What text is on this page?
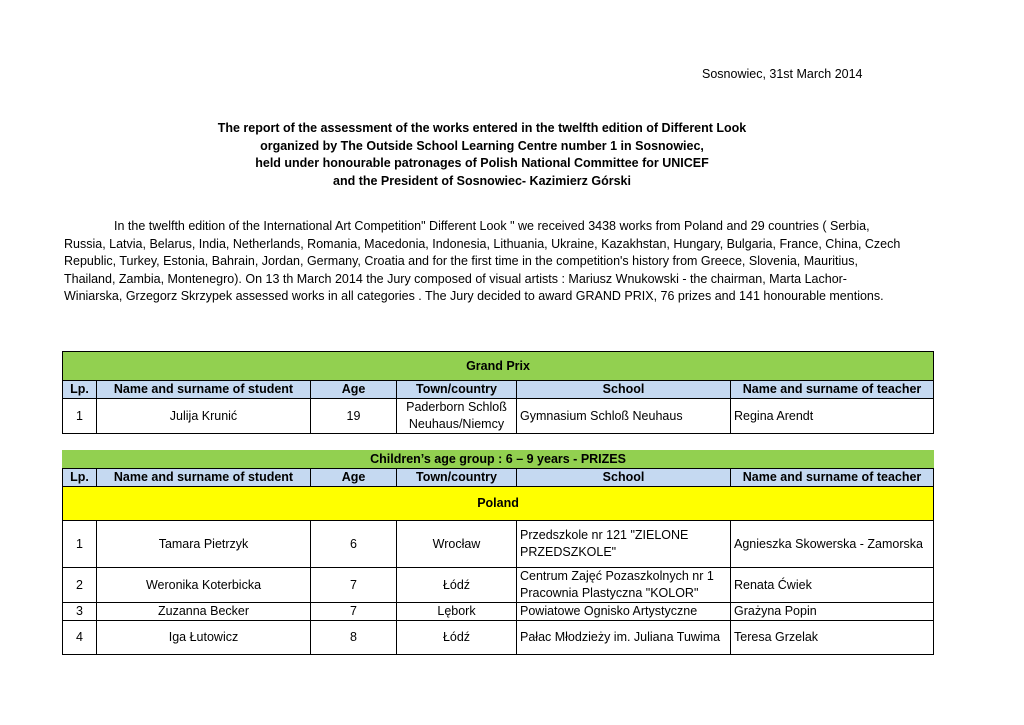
Sosnowiec, 31st March 2014
The report of the assessment of the works entered in the twelfth edition of Different Look
organized by The Outside School Learning Centre number 1 in Sosnowiec,
held under honourable patronages of Polish National Committee for UNICEF
and the President of Sosnowiec- Kazimierz Górski
In the twelfth edition of the International Art Competition" Different Look " we received 3438 works from Poland and 29 countries ( Serbia, Russia, Latvia, Belarus, India, Netherlands, Romania, Macedonia, Indonesia, Lithuania, Ukraine, Kazakhstan, Hungary, Bulgaria, France, China, Czech Republic, Turkey, Estonia, Bahrain, Jordan, Germany, Croatia and for the first time in the competition's history from Greece, Slovenia, Mauritius, Thailand, Zambia, Montenegro). On 13 th March 2014 the Jury composed of visual artists : Mariusz Wnukowski - the chairman, Marta Lachor-Winiarska, Grzegorz Skrzypek assessed works in all categories . The Jury decided to award GRAND PRIX, 76 prizes and 141 honourable mentions.
Grand Prix					
Lp.	Name and surname of student	Age	Town/country	School	Name and surname of teacher
1	Julija Krunić	19	Paderborn Schloß Neuhaus/Niemcy	Gymnasium Schloß Neuhaus	Regina Arendt
Children’s age group : 6 – 9 years - PRIZES					
Lp.	Name and surname of student	Age	Town/country	School	Name and surname of teacher
Poland					
1	Tamara Pietrzyk	6	Wrocław	Przedszkole nr 121 "ZIELONE PRZEDSZKOLE"	Agnieszka Skowerska - Zamorska
2	Weronika Koterbicka	7	Łódź	Centrum Zajęć Pozaszkolnych nr 1 Pracownia Plastyczna "KOLOR"	Renata Ćwiek
3	Zuzanna Becker	7	Lębork	Powiatowe Ognisko Artystyczne	Grażyna Popin
4	Iga Łutowicz	8	Łódź	Pałac Młodzieży im. Juliana Tuwima	Teresa Grzelak
